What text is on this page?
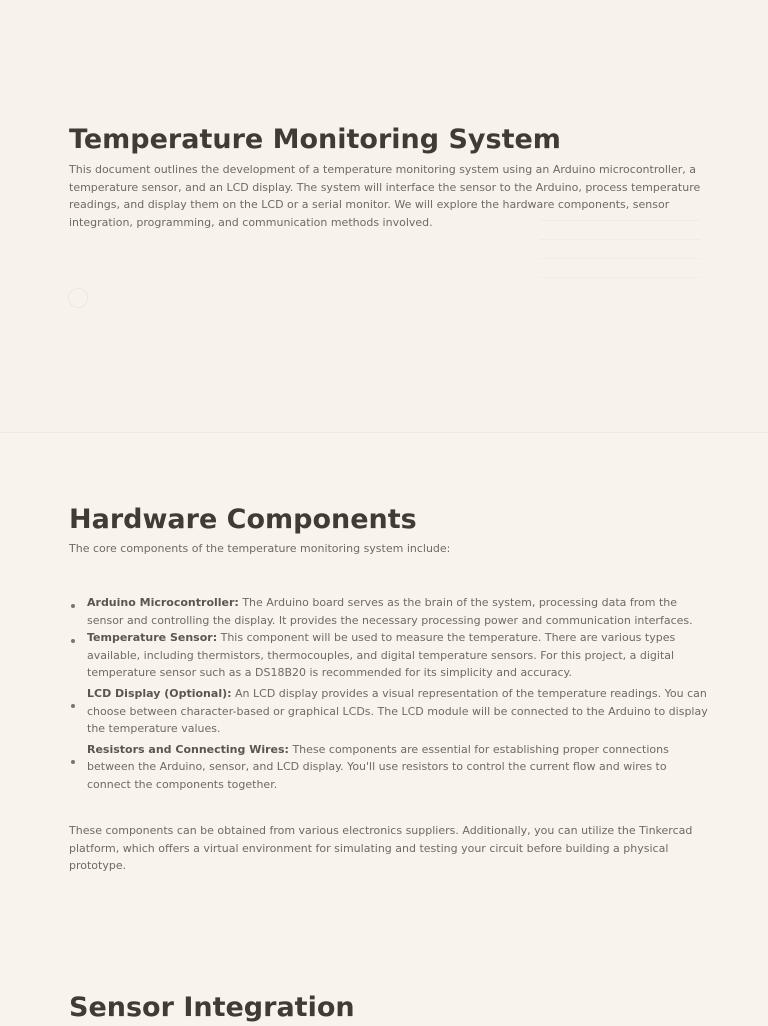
Temperature Monitoring System

This document outlines the development of a temperature monitoring system using an Arduino microcontroller, a temperature sensor, and an LCD display. The system will interface the sensor to the Arduino, process temperature readings, and display them on the LCD or a serial monitor. We will explore the hardware components, sensor integration, programming, and communication methods involved.

Hardware Components

The core components of the temperature monitoring system include:

Arduino Microcontroller: The Arduino board serves as the brain of the system, processing data from the sensor and controlling the display. It provides the necessary processing power and communication interfaces.
Temperature Sensor: This component will be used to measure the temperature. There are various types available, including thermistors, thermocouples, and digital temperature sensors. For this project, a digital temperature sensor such as a DS18B20 is recommended for its simplicity and accuracy.
LCD Display (Optional): An LCD display provides a visual representation of the temperature readings. You can choose between character-based or graphical LCDs. The LCD module will be connected to the Arduino to display the temperature values.
Resistors and Connecting Wires: These components are essential for establishing proper connections between the Arduino, sensor, and LCD display. You'll use resistors to control the current flow and wires to connect the components together.

These components can be obtained from various electronics suppliers. Additionally, you can utilize the Tinkercad platform, which offers a virtual environment for simulating and testing your circuit before building a physical prototype.

Sensor Integration
